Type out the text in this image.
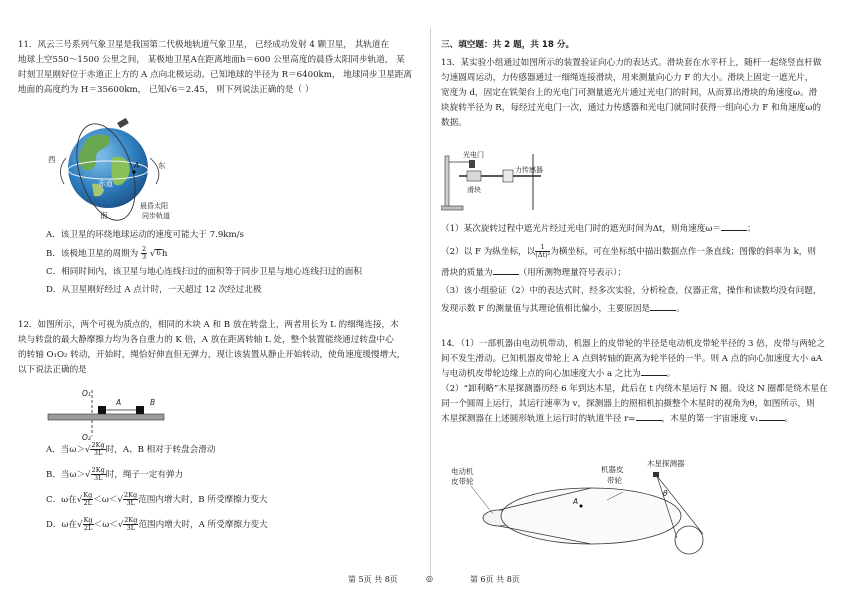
11．风云三号系列气象卫星是我国第二代极地轨道气象卫星， 已经成功发射 4 颗卫星， 其轨道在

地球上空550～1500 公里之间， 某极地卫星A在距离地面h＝600 公里高度的晨昏太阳同步轨道， 某

时刻卫星刚好位于赤道正上方的 A 点向北极运动。已知地球的半径为 R＝6400km， 地球同步卫星距离

地面的高度约为 H＝35600km， 已知√6＝2.45， 则下列说法正确的是（ ）

北
西
东
赤道
南
A
晨昏太阳
同步轨道
A．该卫星的环绕地球运动的速度可能大于 7.9km/s
B．该极地卫星的周期为 $\frac{2}{3} √6h$
C．相同时间内，该卫星与地心连线扫过的面积等于同步卫星与地心连线扫过的面积
D．从卫星刚好经过 A 点计时，一天超过 12 次经过北极

12．如图所示，两个可视为质点的，相同的木块 A 和 B 放在转盘上，两者用长为 L 的细绳连接，木

块与转盘的最大静摩擦力均为各自重力的 K 倍，A 放在距离转轴 L 处，整个装置能绕通过转盘中心

的转轴 O₁O₂ 转动，开始时，绳恰好伸直但无弹力，现让该装置从静止开始转动，使角速度缓慢增大，

以下说法正确的是

O₁
O₂
A	B
A．当$\omega>√ \frac{2Kg}{3L}$ 时，A、B 相对于转盘会滑动
B．当$\omega>√ \frac{2Kg}{3L}$ 时，绳子一定有弹力
C．ω在√ $\frac{Kg}{2L} <\omega<√ \frac{2Kg}{3L}$ 范围内增大时，B 所受摩擦力变大
D．ω在√ $\frac{Kg}{2L} <\omega<√ \frac{2Kg}{3L}$ 范围内增大时，A 所受摩擦力变大
三、填空题：共 2 题，共 18 分。

13．某实验小组通过如图所示的装置验证向心力的表达式。滑块套在水平杆上，随杆一起绕竖直杆做

匀速圆周运动，力传感器通过一细绳连接滑块，用来测量向心力 F 的大小。滑块上固定一遮光片，

宽度为 d，固定在铁架台上的光电门可测量遮光片通过光电门的时间，从而算出滑块的角速度ω。滑

块旋转半径为 R，每经过光电门一次，通过力传感器和光电门就同时获得一组向心力 F 和角速度ω的

数据。

光电门
滑块
力传感器
（1）某次旋转过程中遮光片经过光电门时的遮光时间为Δt，则角速度ω＝	；
（2）以 F 为纵坐标，以 $\frac{1}{\text{(Δt)²}}$ 为横坐标，可在坐标纸中描出数据点作一条直线；图像的斜率为 k，则
滑块的质量为	（用所测物理量符号表示）；
（3）该小组验证（2）中的表达式时，经多次实验，分析检查，仪器正常，操作和读数均没有问题，
发现示数 F 的测量值与其理论值相比偏小，主要原因是	。

14．（1）一部机器由电动机带动，机器上的皮带轮的半径是电动机皮带轮半径的 3 倍，皮带与两轮之

间不发生滑动。已知机器皮带轮上 A 点到转轴的距离为轮半径的一半。则 A 点的向心加速度大小 aA

与电动机皮带轮边缘上点的向心加速度大小 a 之比为	。

（2）“卸利略”木星探测器历经 6 年到达木星，此后在 t 内绕木星运行 N 圈。设这 N 圈都是绕木星在

同一个圆周上运行，其运行速率为 v，探测器上的照相机拍摄整个木星时的视角为θ，如图所示，则

木星探测器在上述圆形轨道上运行时的轨道半径 r=	，木星的第一宇宙速度 v₁	。

电动机
皮带轮
机器皮
带轮
A
木星探测器
θ
第 5页 共 8页	◎	第 6页 共 8页
